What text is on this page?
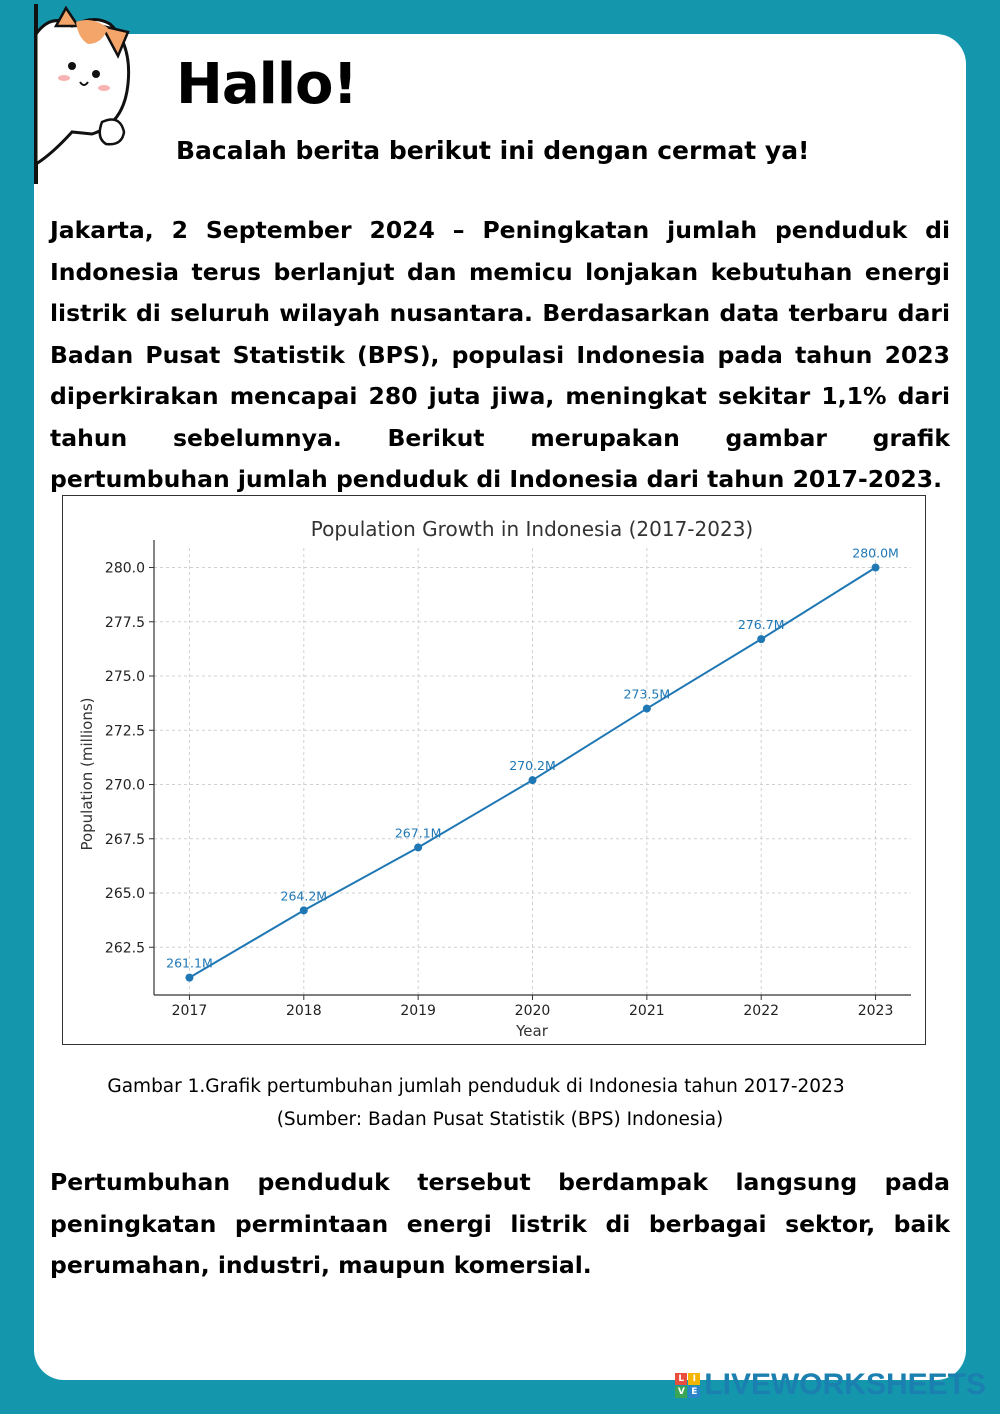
Hallo!

Bacalah berita berikut ini dengan cermat ya!

Jakarta, 2 September 2024 – Peningkatan jumlah penduduk di Indonesia terus berlanjut dan memicu lonjakan kebutuhan energi listrik di seluruh wilayah nusantara. Berdasarkan data terbaru dari Badan Pusat Statistik (BPS), populasi Indonesia pada tahun 2023 diperkirakan mencapai 280 juta jiwa, meningkat sekitar 1,1% dari tahun sebelumnya. Berikut merupakan gambar grafik pertumbuhan jumlah penduduk di Indonesia dari tahun 2017-2023.

Population Growth in Indonesia (2017-2023)
Year
Population (millions)
262.5
265.0
267.5
270.0
272.5
275.0
277.5
280.0
2017	2018	2019	2020	2021	2022	2023
261.1M
264.2M
267.1M
270.2M
273.5M
276.7M
280.0M

Gambar 1.Grafik pertumbuhan jumlah penduduk di Indonesia tahun 2017-2023

(Sumber: Badan Pusat Statistik (BPS) Indonesia)

Pertumbuhan penduduk tersebut berdampak langsung pada peningkatan permintaan energi listrik di berbagai sektor, baik perumahan, industri, maupun komersial.

L I
V E LIVEWORKSHEETS
